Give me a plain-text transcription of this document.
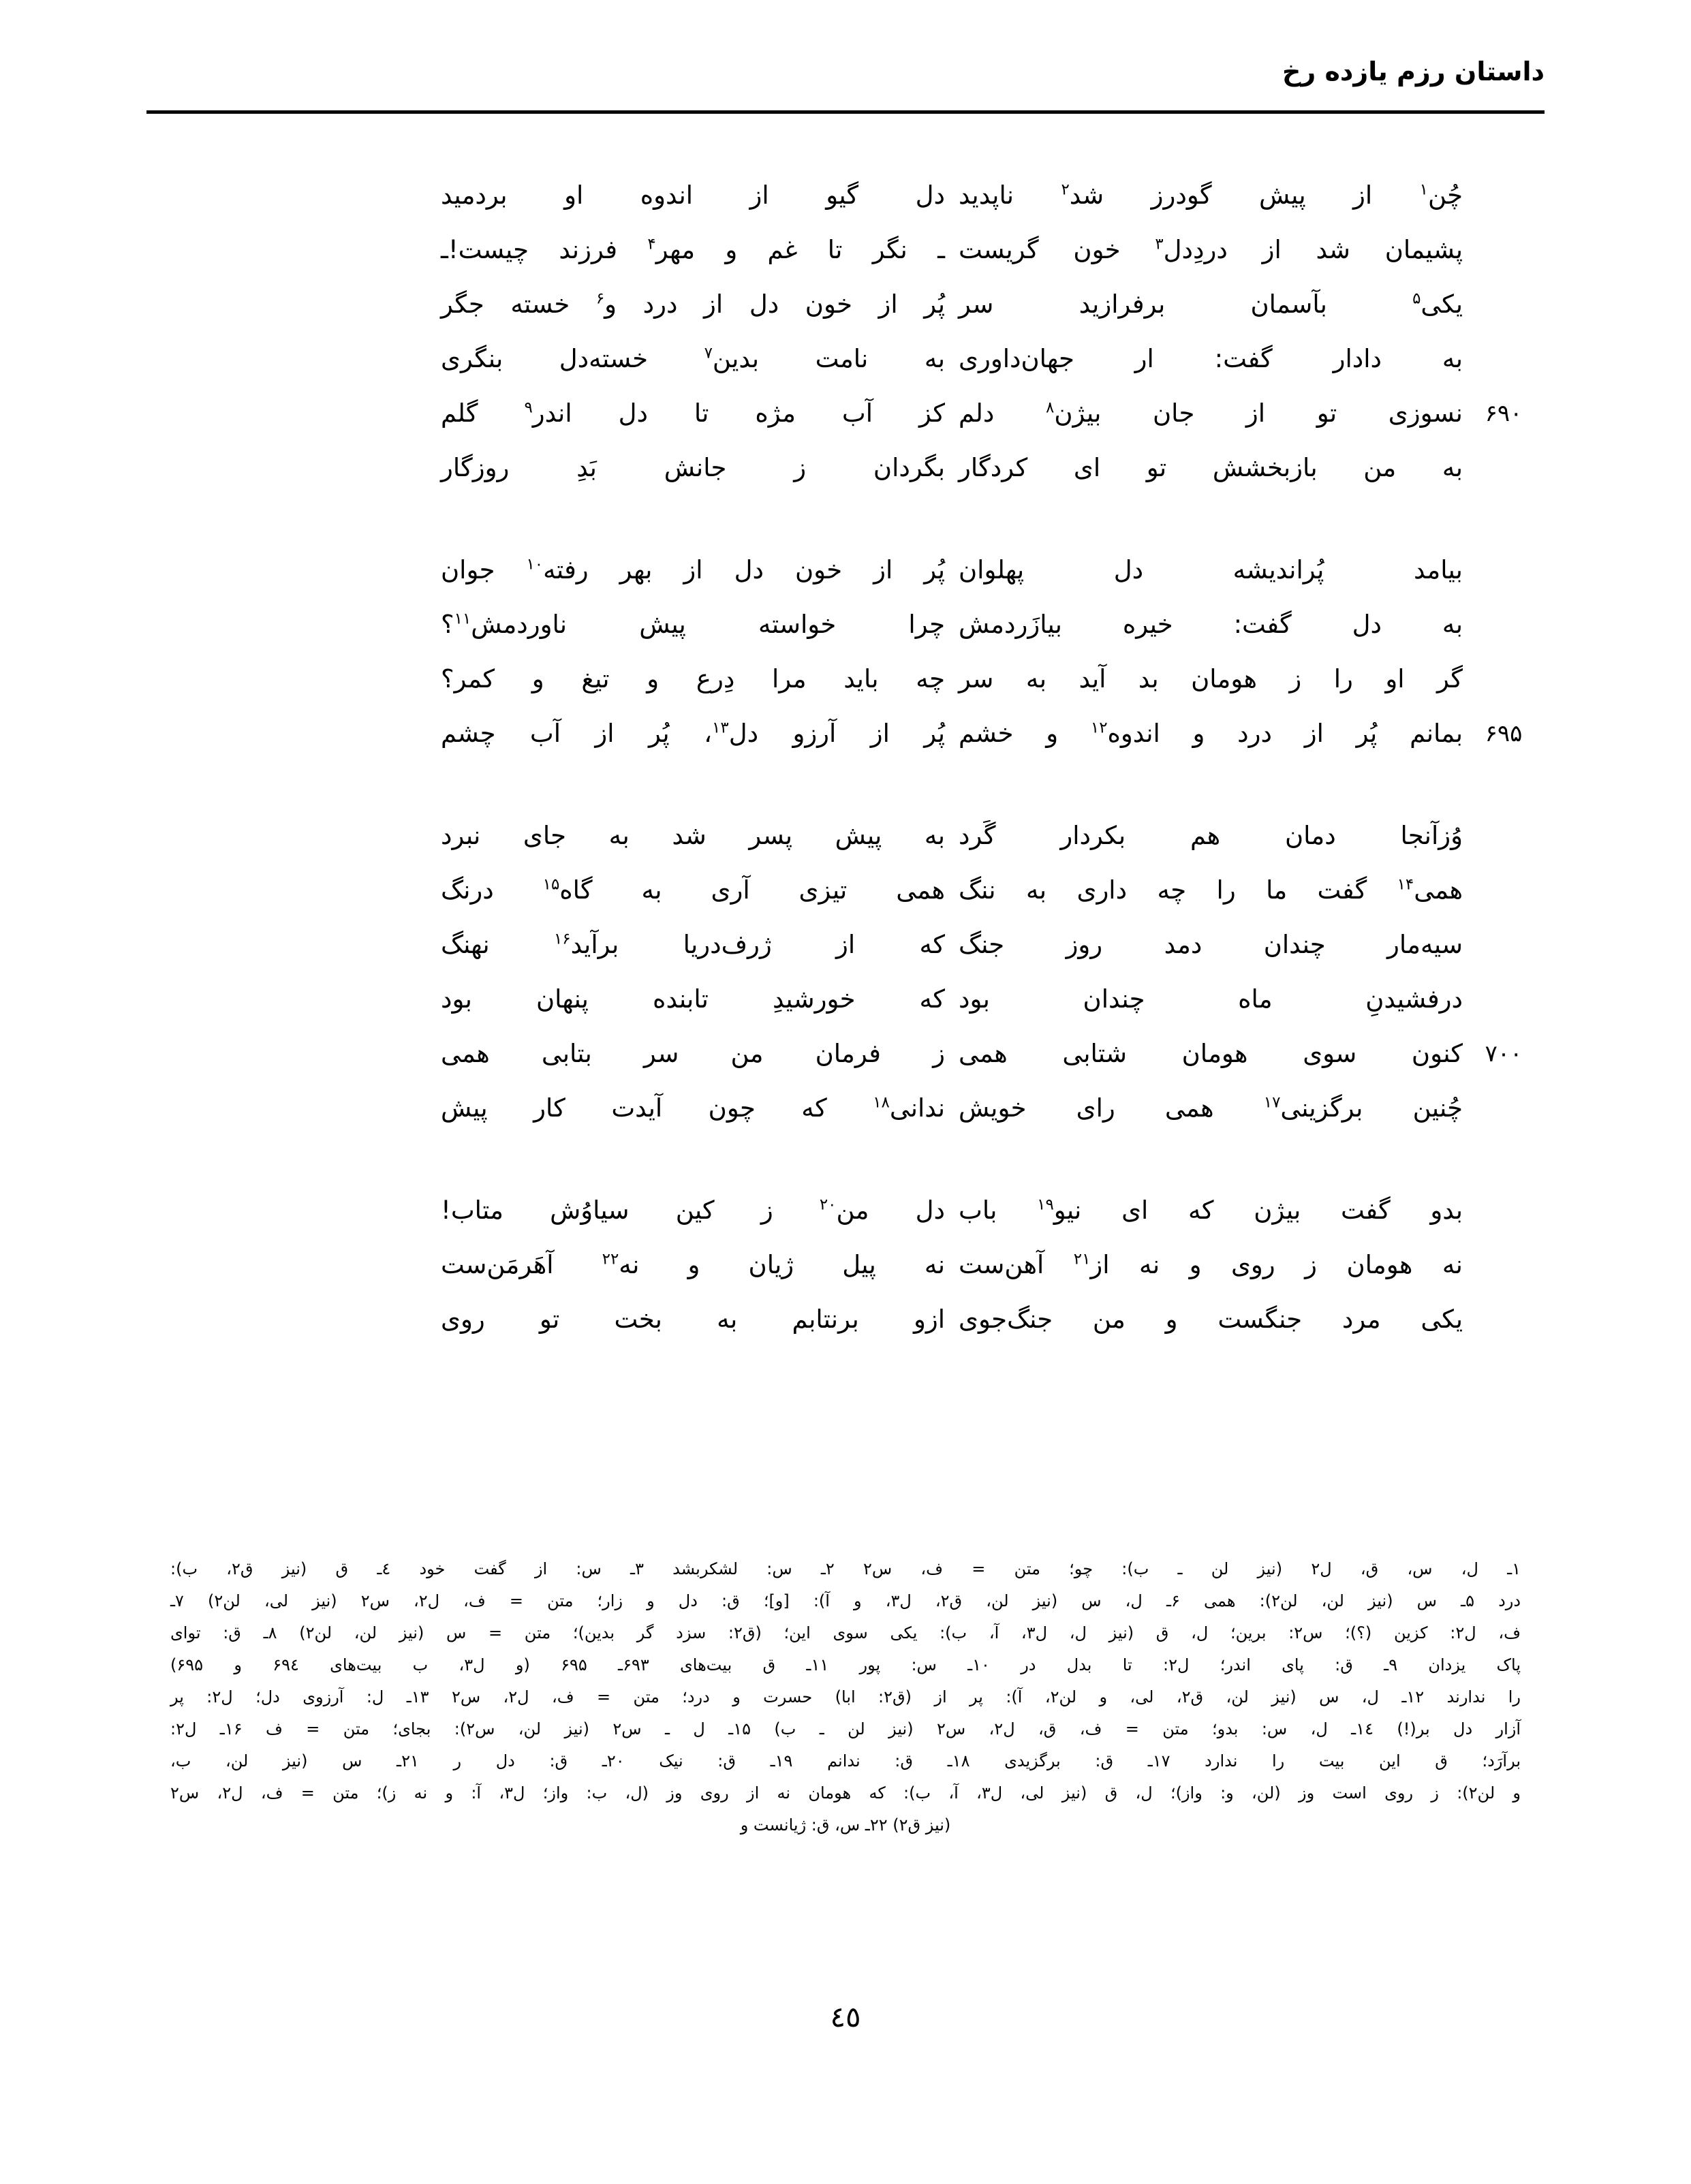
داستان رزم یازده رخ
چُن$^۱$ از پیش گودرز شد$^۲$ ناپدید
دل گیو از اندوه او بردمید
پشیمان شد از دردِدل$^۳$ خون گریست
ـ نگر تا غم و مهر$^۴$ فرزند چیست!ـ
یکی$^۵$ بآسمان برفرازید سر
پُر از خون دل از درد و$^۶$ خسته جگر
به دادار گفت: ار جهان‌داوری
به نامت بدین$^۷$ خسته‌دل بنگری
۶۹۰
نسوزی تو از جان بیژن$^۸$ دلم
کز آب مژه تا دل اندر$^۹$ گلم
به من بازبخشش تو ای کردگار
بگردان ز جانش بَدِ روزگار
بیامد پُراندیشه دل پهلوان
پُر از خون دل از بهر رفته$^{۱۰}$ جوان
به دل گفت: خیره بیازَردمش
چرا خواسته پیش ناوردمش$^{۱۱}$؟
گر او را ز هومان بد آید به سر
چه باید مرا دِرع و تیغ و کمر؟
۶۹۵
بمانم پُر از درد و اندوه$^{۱۲}$ و خشم
پُر از آرزو دل$^{۱۳}$، پُر از آب چشم
وُزآنجا دمان هم بکردار گَرد
به پیش پسر شد به جای نبرد
همی$^{۱۴}$ گفت ما را چه داری به ننگ
همی تیزی آری به گاه$^{۱۵}$ درنگ
سیه‌مار چندان دمد روز جنگ
که از ژرف‌دریا برآید$^{۱۶}$ نهنگ
درفشیدنِ ماه چندان بود
که خورشیدِ تابنده پنهان بود
۷۰۰
کنون سوی هومان شتابی همی
ز فرمان من سر بتابی همی
چُنین برگزینی$^{۱۷}$ همی رای خویش
ندانی$^{۱۸}$ که چون آیدت کار پیش
بدو گفت بیژن که ای نیو$^{۱۹}$ باب
دل من$^{۲۰}$ ز کین سیاوُش متاب!
نه هومان ز روی و نه از$^{۲۱}$ آهن‌ست
نه پیل ژیان و نه$^{۲۲}$ آهَرمَن‌ست
یکی مرد جنگست و من جنگ‌جوی
ازو برنتابم به بخت تو روی
۱ـ ل، س، ق، ل۲ (نیز لن ـ ب): چو؛ متن = ف، س۲ ۲ـ س: لشکر‌بشد ۳ـ س: از گفت خود ٤ـ ق (نیز ق۲، ب):
درد ۵ـ س (نیز لن، لن۲): همی ۶ـ ل، س (نیز لن، ق۲، ل۳، و آ): [و]؛ ق: دل و زار؛ متن = ف، ل۲، س۲ (نیز لی، لن۲) ۷ـ
ف، ل۲: کزین (؟)؛ س۲: برین؛ ل، ق (نیز ل، ل۳، آ، ب): یکی سوی این؛ (ق۲: سزد گر بدین)؛ متن = س (نیز لن، لن۲) ۸ـ ق: توای
پاک یزدان ۹ـ ق: پای اندر؛ ل۲: تا بدل در ۱۰ـ س: پور ۱۱ـ ق بیت‌های ۶۹۳ـ ۶۹۵ (و ل۳، ب بیت‌های ۶۹٤ و ۶۹۵)
را ندارند ۱۲ـ ل، س (نیز لن، ق۲، لی، و لن۲، آ): پر از (ق۲: ابا) حسرت و درد؛ متن = ف، ل۲، س۲ ۱۳ـ ل: آرزوی دل؛ ل۲: پر
آزار دل بر(!) ۱٤ـ ل، س: بدو؛ متن = ف، ق، ل۲، س۲ (نیز لن ـ ب) ۱۵ـ ل ـ س۲ (نیز لن، س۲): بجای؛ متن = ف ۱۶ـ ل۲:
برآرَد؛ ق این بیت را ندارد ۱۷ـ ق: برگزیدی ۱۸ـ ق: ندانم ۱۹ـ ق: نیک ۲۰ـ ق: دل ر ۲۱ـ س (نیز لن، ب،
و لن۲): ز روی است وز (لن، و: واز)؛ ل، ق (نیز لی، ل۳، آ، ب): که هومان نه از روی وز (ل، ب: واز؛ ل۳، آ: و نه ز)؛ متن = ف، ل۲، س۲
(نیز ق۲) ۲۲ـ س، ق: ژیانست و
٤٥
